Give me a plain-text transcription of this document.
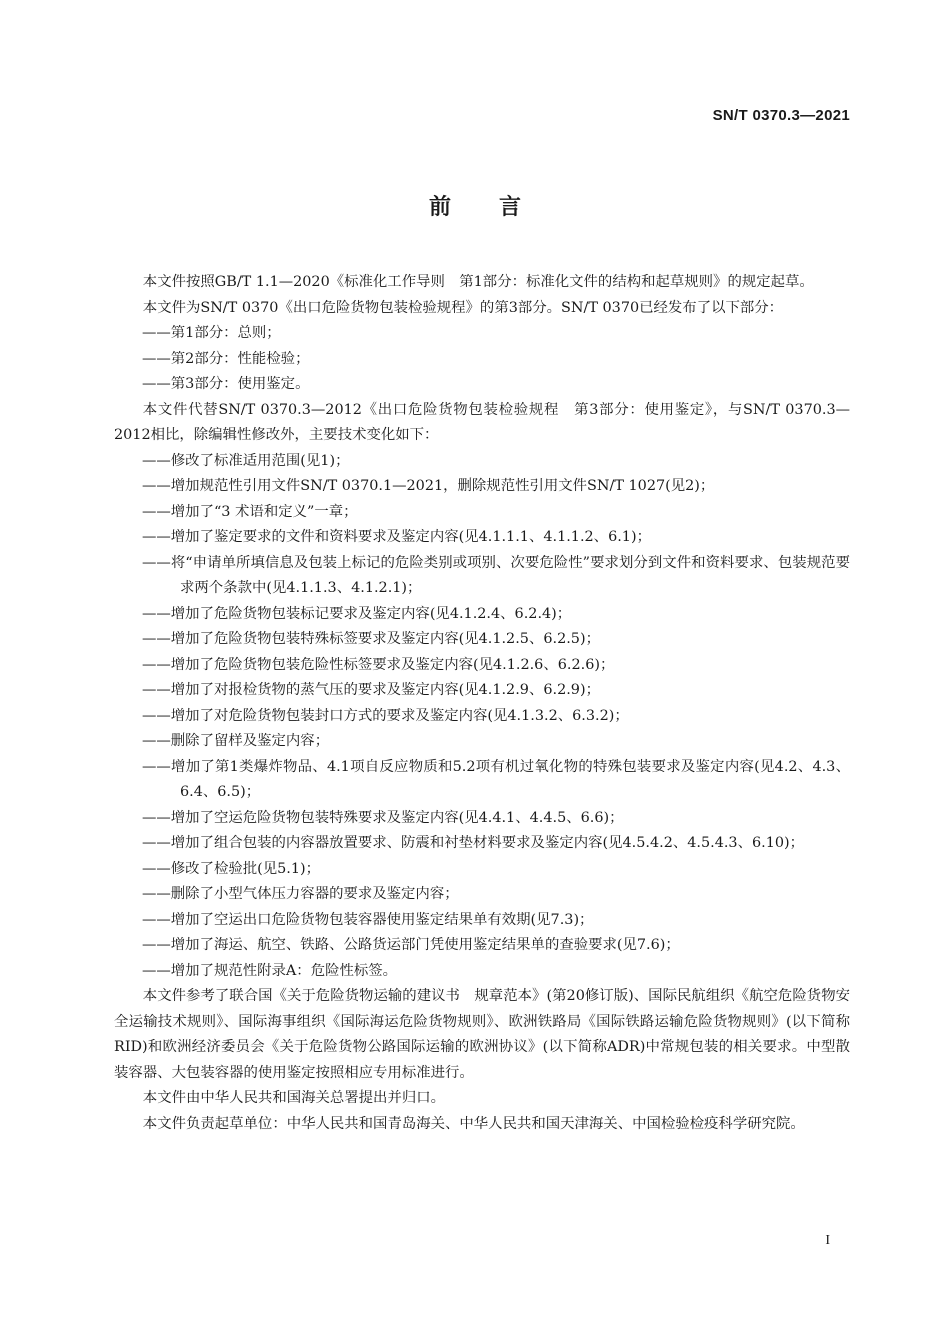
SN/T 0370.3—2021
前 言

本文件按照GB/T 1.1—2020《标准化工作导则　第1部分：标准化文件的结构和起草规则》的规定起草。

本文件为SN/T 0370《出口危险货物包装检验规程》的第3部分。SN/T 0370已经发布了以下部分：

——第1部分：总则；

——第2部分：性能检验；

——第3部分：使用鉴定。

本文件代替SN/T 0370.3—2012《出口危险货物包装检验规程　第3部分：使用鉴定》，与SN/T 0370.3—2012相比，除编辑性修改外，主要技术变化如下：

——修改了标准适用范围(见1)；

——增加规范性引用文件SN/T 0370.1—2021，删除规范性引用文件SN/T 1027(见2)；

——增加了“3 术语和定义”一章；

——增加了鉴定要求的文件和资料要求及鉴定内容(见4.1.1.1、4.1.1.2、6.1)；

——将“申请单所填信息及包装上标记的危险类别或项别、次要危险性”要求划分到文件和资料要求、包装规范要求两个条款中(见4.1.1.3、4.1.2.1)；

——增加了危险货物包装标记要求及鉴定内容(见4.1.2.4、6.2.4)；

——增加了危险货物包装特殊标签要求及鉴定内容(见4.1.2.5、6.2.5)；

——增加了危险货物包装危险性标签要求及鉴定内容(见4.1.2.6、6.2.6)；

——增加了对报检货物的蒸气压的要求及鉴定内容(见4.1.2.9、6.2.9)；

——增加了对危险货物包装封口方式的要求及鉴定内容(见4.1.3.2、6.3.2)；

——删除了留样及鉴定内容；

——增加了第1类爆炸物品、4.1项自反应物质和5.2项有机过氧化物的特殊包装要求及鉴定内容(见4.2、4.3、6.4、6.5)；

——增加了空运危险货物包装特殊要求及鉴定内容(见4.4.1、4.4.5、6.6)；

——增加了组合包装的内容器放置要求、防震和衬垫材料要求及鉴定内容(见4.5.4.2、4.5.4.3、6.10)；

——修改了检验批(见5.1)；

——删除了小型气体压力容器的要求及鉴定内容；

——增加了空运出口危险货物包装容器使用鉴定结果单有效期(见7.3)；

——增加了海运、航空、铁路、公路货运部门凭使用鉴定结果单的查验要求(见7.6)；

——增加了规范性附录A：危险性标签。

本文件参考了联合国《关于危险货物运输的建议书　规章范本》(第20修订版)、国际民航组织《航空危险货物安全运输技术规则》、国际海事组织《国际海运危险货物规则》、欧洲铁路局《国际铁路运输危险货物规则》(以下简称RID)和欧洲经济委员会《关于危险货物公路国际运输的欧洲协议》(以下简称ADR)中常规包装的相关要求。中型散装容器、大包装容器的使用鉴定按照相应专用标准进行。

本文件由中华人民共和国海关总署提出并归口。

本文件负责起草单位：中华人民共和国青岛海关、中华人民共和国天津海关、中国检验检疫科学研究院。

I
